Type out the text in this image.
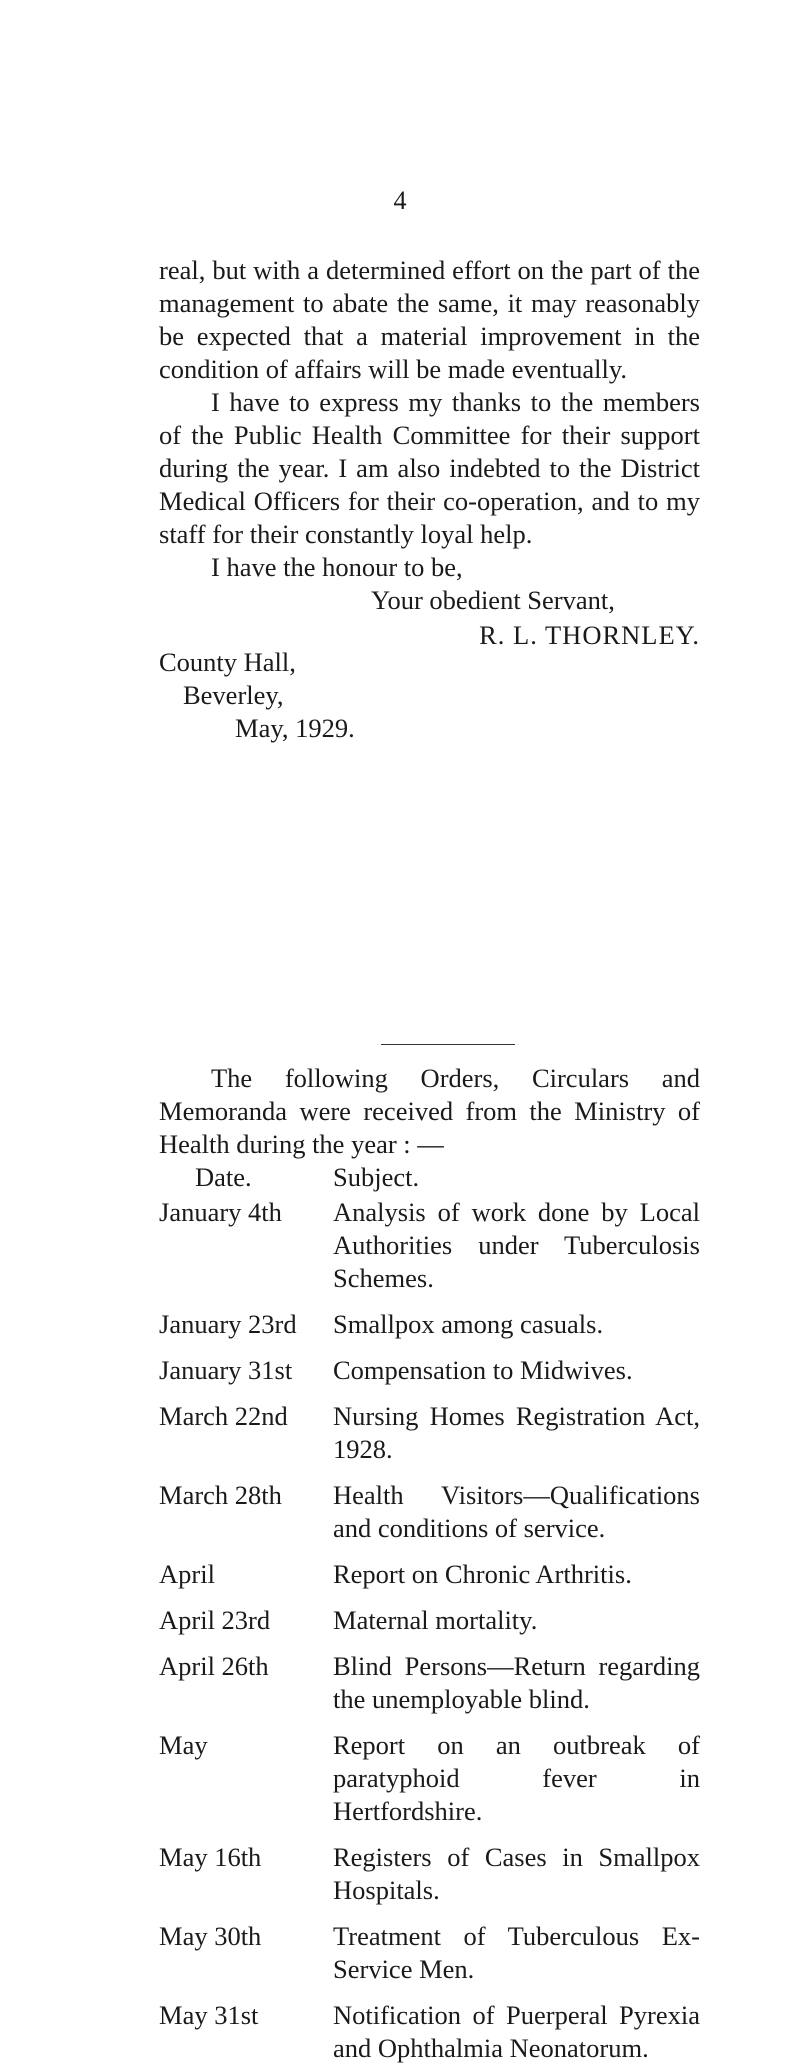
4

real, but with a determined effort on the part of the management to abate the same, it may reasonably be expected that a material improvement in the condition of affairs will be made eventually.

I have to express my thanks to the members of the Public Health Committee for their support during the year. I am also indebted to the District Medical Officers for their co-operation, and to my staff for their constantly loyal help.

I have the honour to be,

Your obedient Servant,

R. L. THORNLEY.

County Hall,

Beverley,

May, 1929.

The following Orders, Circulars and Memoranda were received from the Ministry of Health during the year : —

Date.	Subject.
January 4th	Analysis of work done by Local Authorities under Tuberculosis Schemes.
January 23rd	Smallpox among casuals.
January 31st	Compensation to Midwives.
March 22nd	Nursing Homes Registration Act, 1928.
March 28th	Health Visitors—Qualifications and conditions of service.
April	Report on Chronic Arthritis.
April 23rd	Maternal mortality.
April 26th	Blind Persons—Return regarding the unemployable blind.
May	Report on an outbreak of paratyphoid fever in Hertfordshire.
May 16th	Registers of Cases in Smallpox Hospitals.
May 30th	Treatment of Tuberculous Ex-Service Men.
May 31st	Notification of Puerperal Pyrexia and Ophthalmia Neonatorum.
